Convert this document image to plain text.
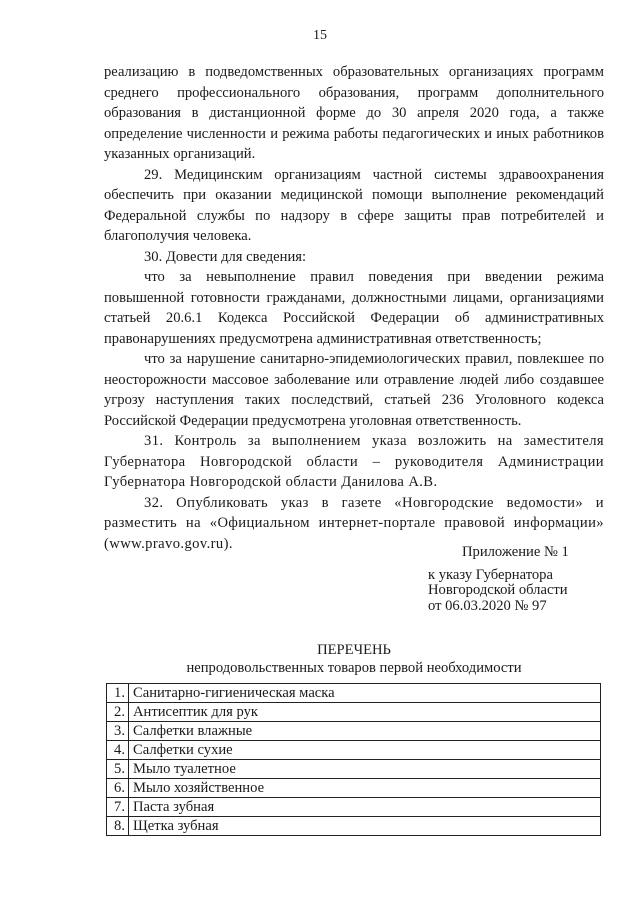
15

реализацию в подведомственных образовательных организациях программ среднего профессионального образования, программ дополнительного образования в дистанционной форме до 30 апреля 2020 года, а также определение численности и режима работы педагогических и иных работников указанных организаций.

29. Медицинским организациям частной системы здравоохранения обеспечить при оказании медицинской помощи выполнение рекомендаций Федеральной службы по надзору в сфере защиты прав потребителей и благополучия человека.

30. Довести для сведения:

что за невыполнение правил поведения при введении режима повышенной готовности гражданами, должностными лицами, организациями статьей 20.6.1 Кодекса Российской Федерации об административных правонарушениях предусмотрена административная ответственность;

что за нарушение санитарно-эпидемиологических правил, повлекшее по неосторожности массовое заболевание или отравление людей либо создавшее угрозу наступления таких последствий, статьей 236 Уголовного кодекса Российской Федерации предусмотрена уголовная ответственность.

31. Контроль за выполнением указа возложить на заместителя Губернатора Новгородской области – руководителя Администрации Губернатора Новгородской области Данилова А.В.

32. Опубликовать указ в газете «Новгородские ведомости» и разместить на «Официальном интернет-портале правовой информации» (www.pravo.gov.ru).

Приложение № 1
к указу Губернатора
Новгородской области
от 06.03.2020 № 97
ПЕРЕЧЕНЬ
непродовольственных товаров первой необходимости
1.	Санитарно-гигиеническая маска
2.	Антисептик для рук
3.	Салфетки влажные
4.	Салфетки сухие
5.	Мыло туалетное
6.	Мыло хозяйственное
7.	Паста зубная
8.	Щетка зубная
